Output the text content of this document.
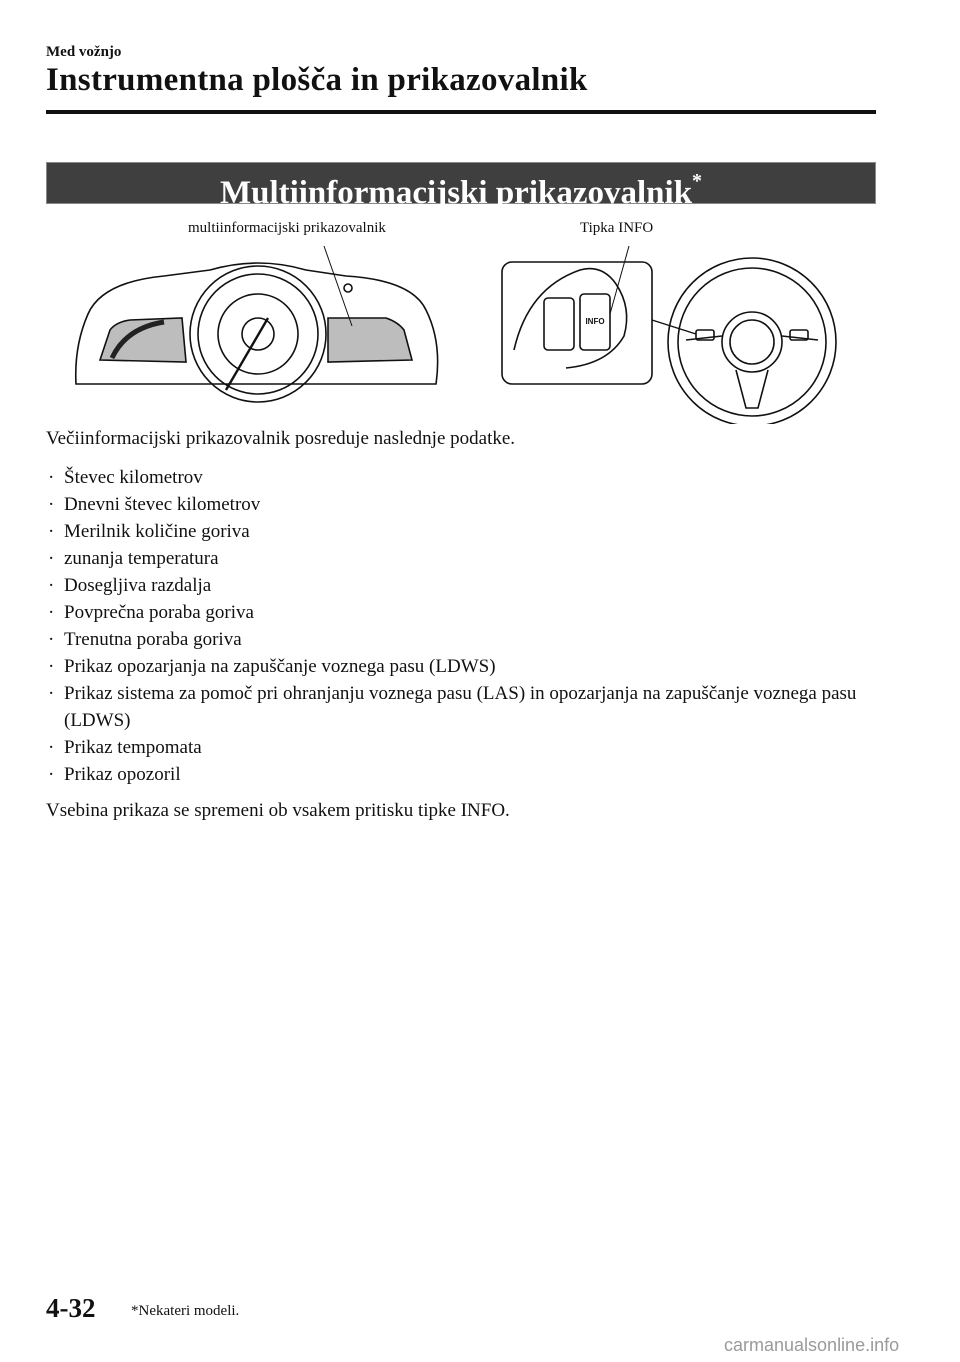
Med vožnjo
Instrumentna plošča in prikazovalnik
Multiinformacijski prikazovalnik*
multiinformacijski prikazovalnik	Tipka INFO
INFO
Večiinformacijski prikazovalnik posreduje naslednje podatke.
· Števec kilometrov
· Dnevni števec kilometrov
· Merilnik količine goriva
· zunanja temperatura
· Dosegljiva razdalja
· Povprečna poraba goriva
· Trenutna poraba goriva
· Prikaz opozarjanja na zapuščanje voznega pasu (LDWS)
· Prikaz sistema za pomoč pri ohranjanju voznega pasu (LAS) in opozarjanja na zapuščanje voznega pasu (LDWS)
· Prikaz tempomata
· Prikaz opozoril
Vsebina prikaza se spremeni ob vsakem pritisku tipke INFO.
4-32 *Nekateri modeli.
carmanualsonline.info
